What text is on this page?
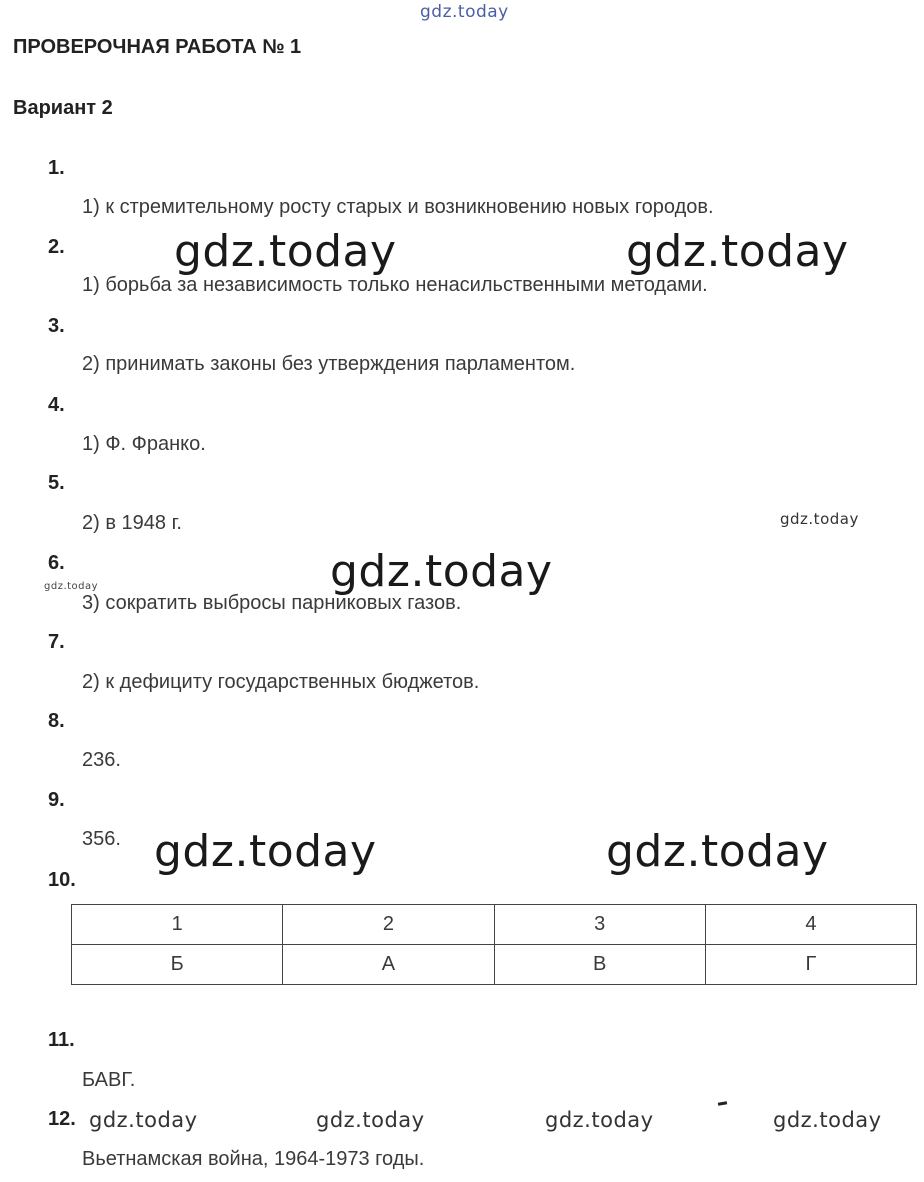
gdz.today
ПРОВЕРОЧНАЯ РАБОТА № 1
Вариант 2
1.
1) к стремительному росту старых и возникновению новых городов.
2.
1) борьба за независимость только ненасильственными методами.
3.
2) принимать законы без утверждения парламентом.
4.
1) Ф. Франко.
5.
2) в 1948 г.
6.
3) сократить выбросы парниковых газов.
7.
2) к дефициту государственных бюджетов.
8.
236.
9.
356.
10.
1	2	3	4
Б	А	В	Г
11.
БАВГ.
12.
Вьетнамская война, 1964-1973 годы.
gdz.today	gdz.today
gdz.today
gdz.today	gdz.today
gdz.today	gdz.today
gdz.today	gdz.today	gdz.today	gdz.today
